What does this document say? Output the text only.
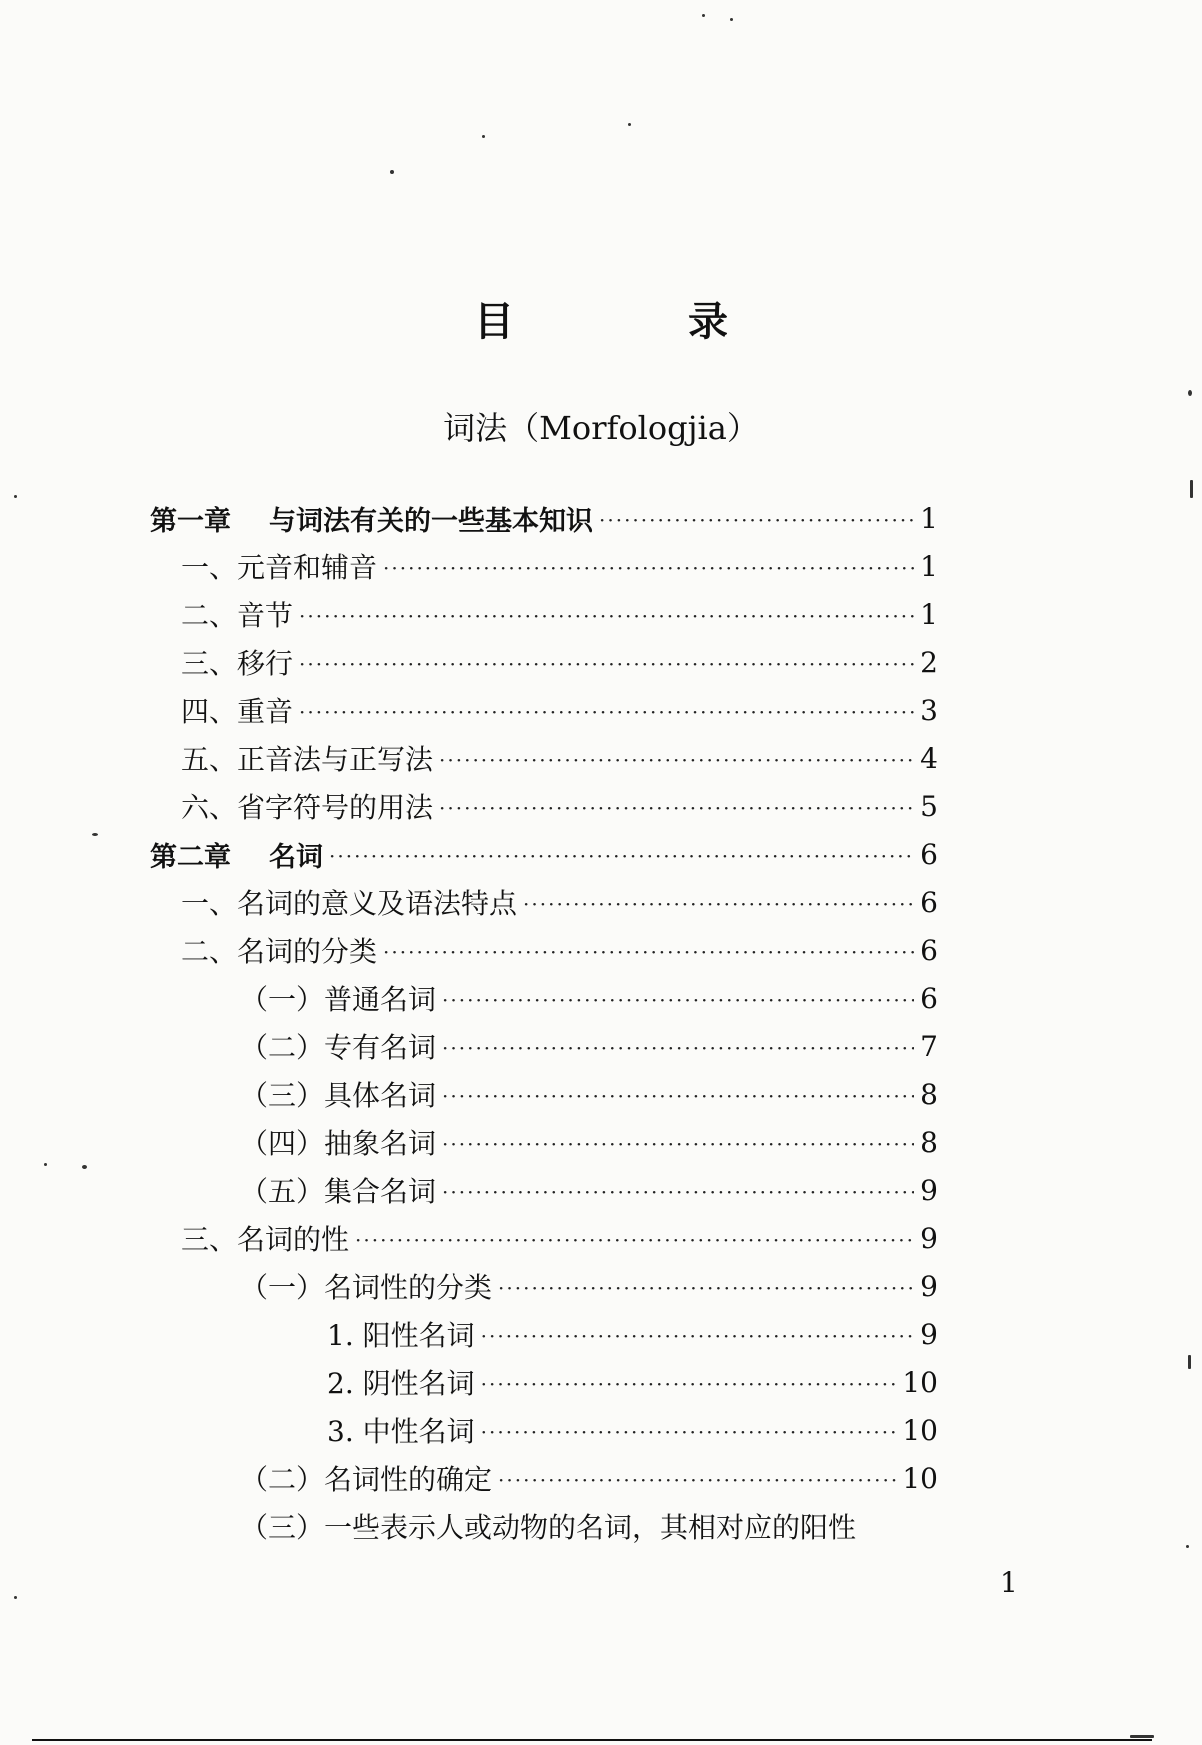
目 录
词法（Morfologjia）
第一章 与词法有关的一些基本知识 ·····	1
一、元音和辅音 ·····	1
二、音节 ·····	1
三、移行 ·····	2
四、重音 ·····	3
五、正音法与正写法 ·····	4
六、省字符号的用法 ·····	5
第二章 名词 ·····	6
一、名词的意义及语法特点 ·····	6
二、名词的分类 ·····	6
（一）普通名词 ·····	6
（二）专有名词 ·····	7
（三）具体名词 ·····	8
（四）抽象名词 ·····	8
（五）集合名词 ·····	9
三、名词的性 ·····	9
（一）名词性的分类 ·····	9
1. 阳性名词 ·····	9
2. 阴性名词 ·····	10
3. 中性名词 ·····	10
（二）名词性的确定 ·····	10
（三）一些表示人或动物的名词，其相对应的阳性
1
